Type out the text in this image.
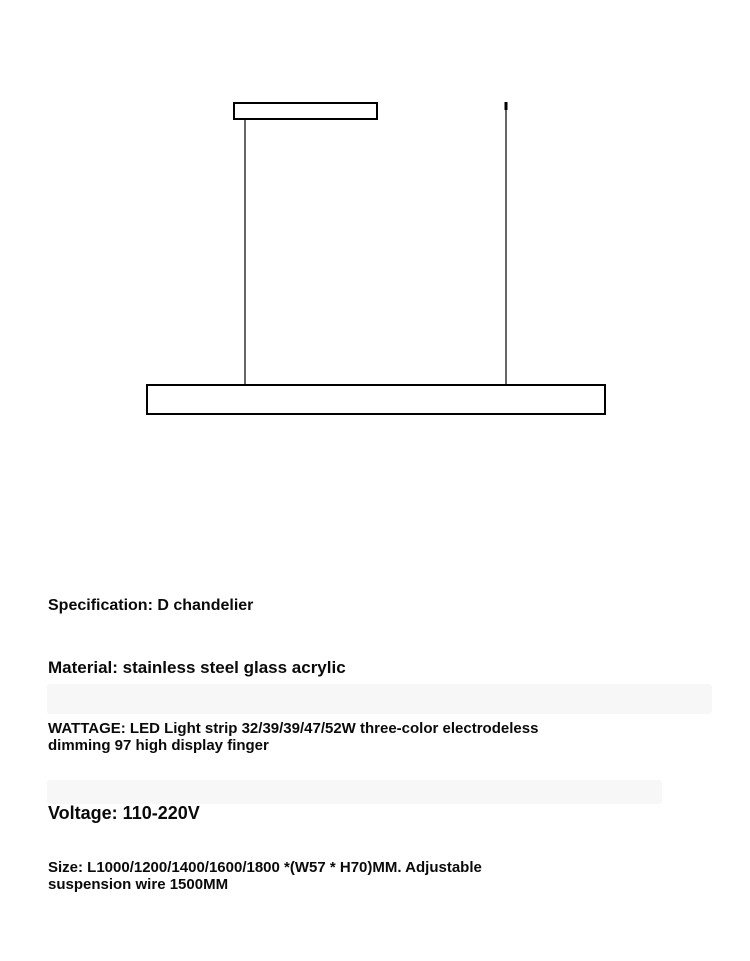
Specification: D chandelier

Material: stainless steel glass acrylic

WATTAGE: LED Light strip 32/39/39/47/52W three-color electrodeless
dimming 97 high display finger

Voltage: 110-220V

Size: L1000/1200/1400/1600/1800 *(W57 * H70)MM. Adjustable
suspension wire 1500MM
